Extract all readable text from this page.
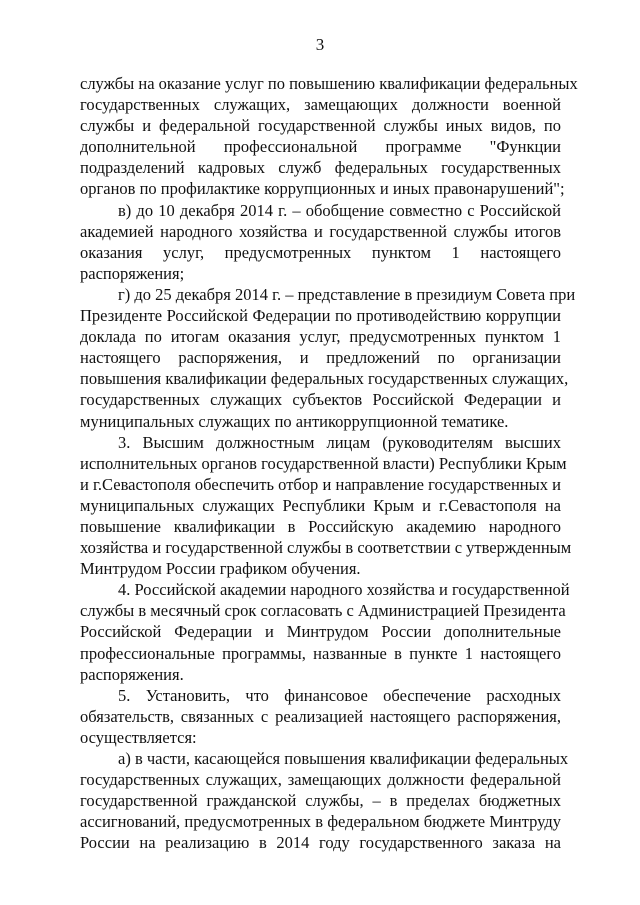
3
службы на оказание услуг по повышению квалификации федеральных
государственных служащих, замещающих должности военной
службы и федеральной государственной службы иных видов, по
дополнительной профессиональной программе "Функции
подразделений кадровых служб федеральных государственных
органов по профилактике коррупционных и иных правонарушений";
в) до 10 декабря 2014 г. – обобщение совместно с Российской
академией народного хозяйства и государственной службы итогов
оказания услуг, предусмотренных пунктом 1 настоящего
распоряжения;
г) до 25 декабря 2014 г. – представление в президиум Совета при
Президенте Российской Федерации по противодействию коррупции
доклада по итогам оказания услуг, предусмотренных пунктом 1
настоящего распоряжения, и предложений по организации
повышения квалификации федеральных государственных служащих,
государственных служащих субъектов Российской Федерации и
муниципальных служащих по антикоррупционной тематике.
3. Высшим должностным лицам (руководителям высших
исполнительных органов государственной власти) Республики Крым
и г.Севастополя обеспечить отбор и направление государственных и
муниципальных служащих Республики Крым и г.Севастополя на
повышение квалификации в Российскую академию народного
хозяйства и государственной службы в соответствии с утвержденным
Минтрудом России графиком обучения.
4. Российской академии народного хозяйства и государственной
службы в месячный срок согласовать с Администрацией Президента
Российской Федерации и Минтрудом России дополнительные
профессиональные программы, названные в пункте 1 настоящего
распоряжения.
5. Установить, что финансовое обеспечение расходных
обязательств, связанных с реализацией настоящего распоряжения,
осуществляется:
а) в части, касающейся повышения квалификации федеральных
государственных служащих, замещающих должности федеральной
государственной гражданской службы, – в пределах бюджетных
ассигнований, предусмотренных в федеральном бюджете Минтруду
России на реализацию в 2014 году государственного заказа на
